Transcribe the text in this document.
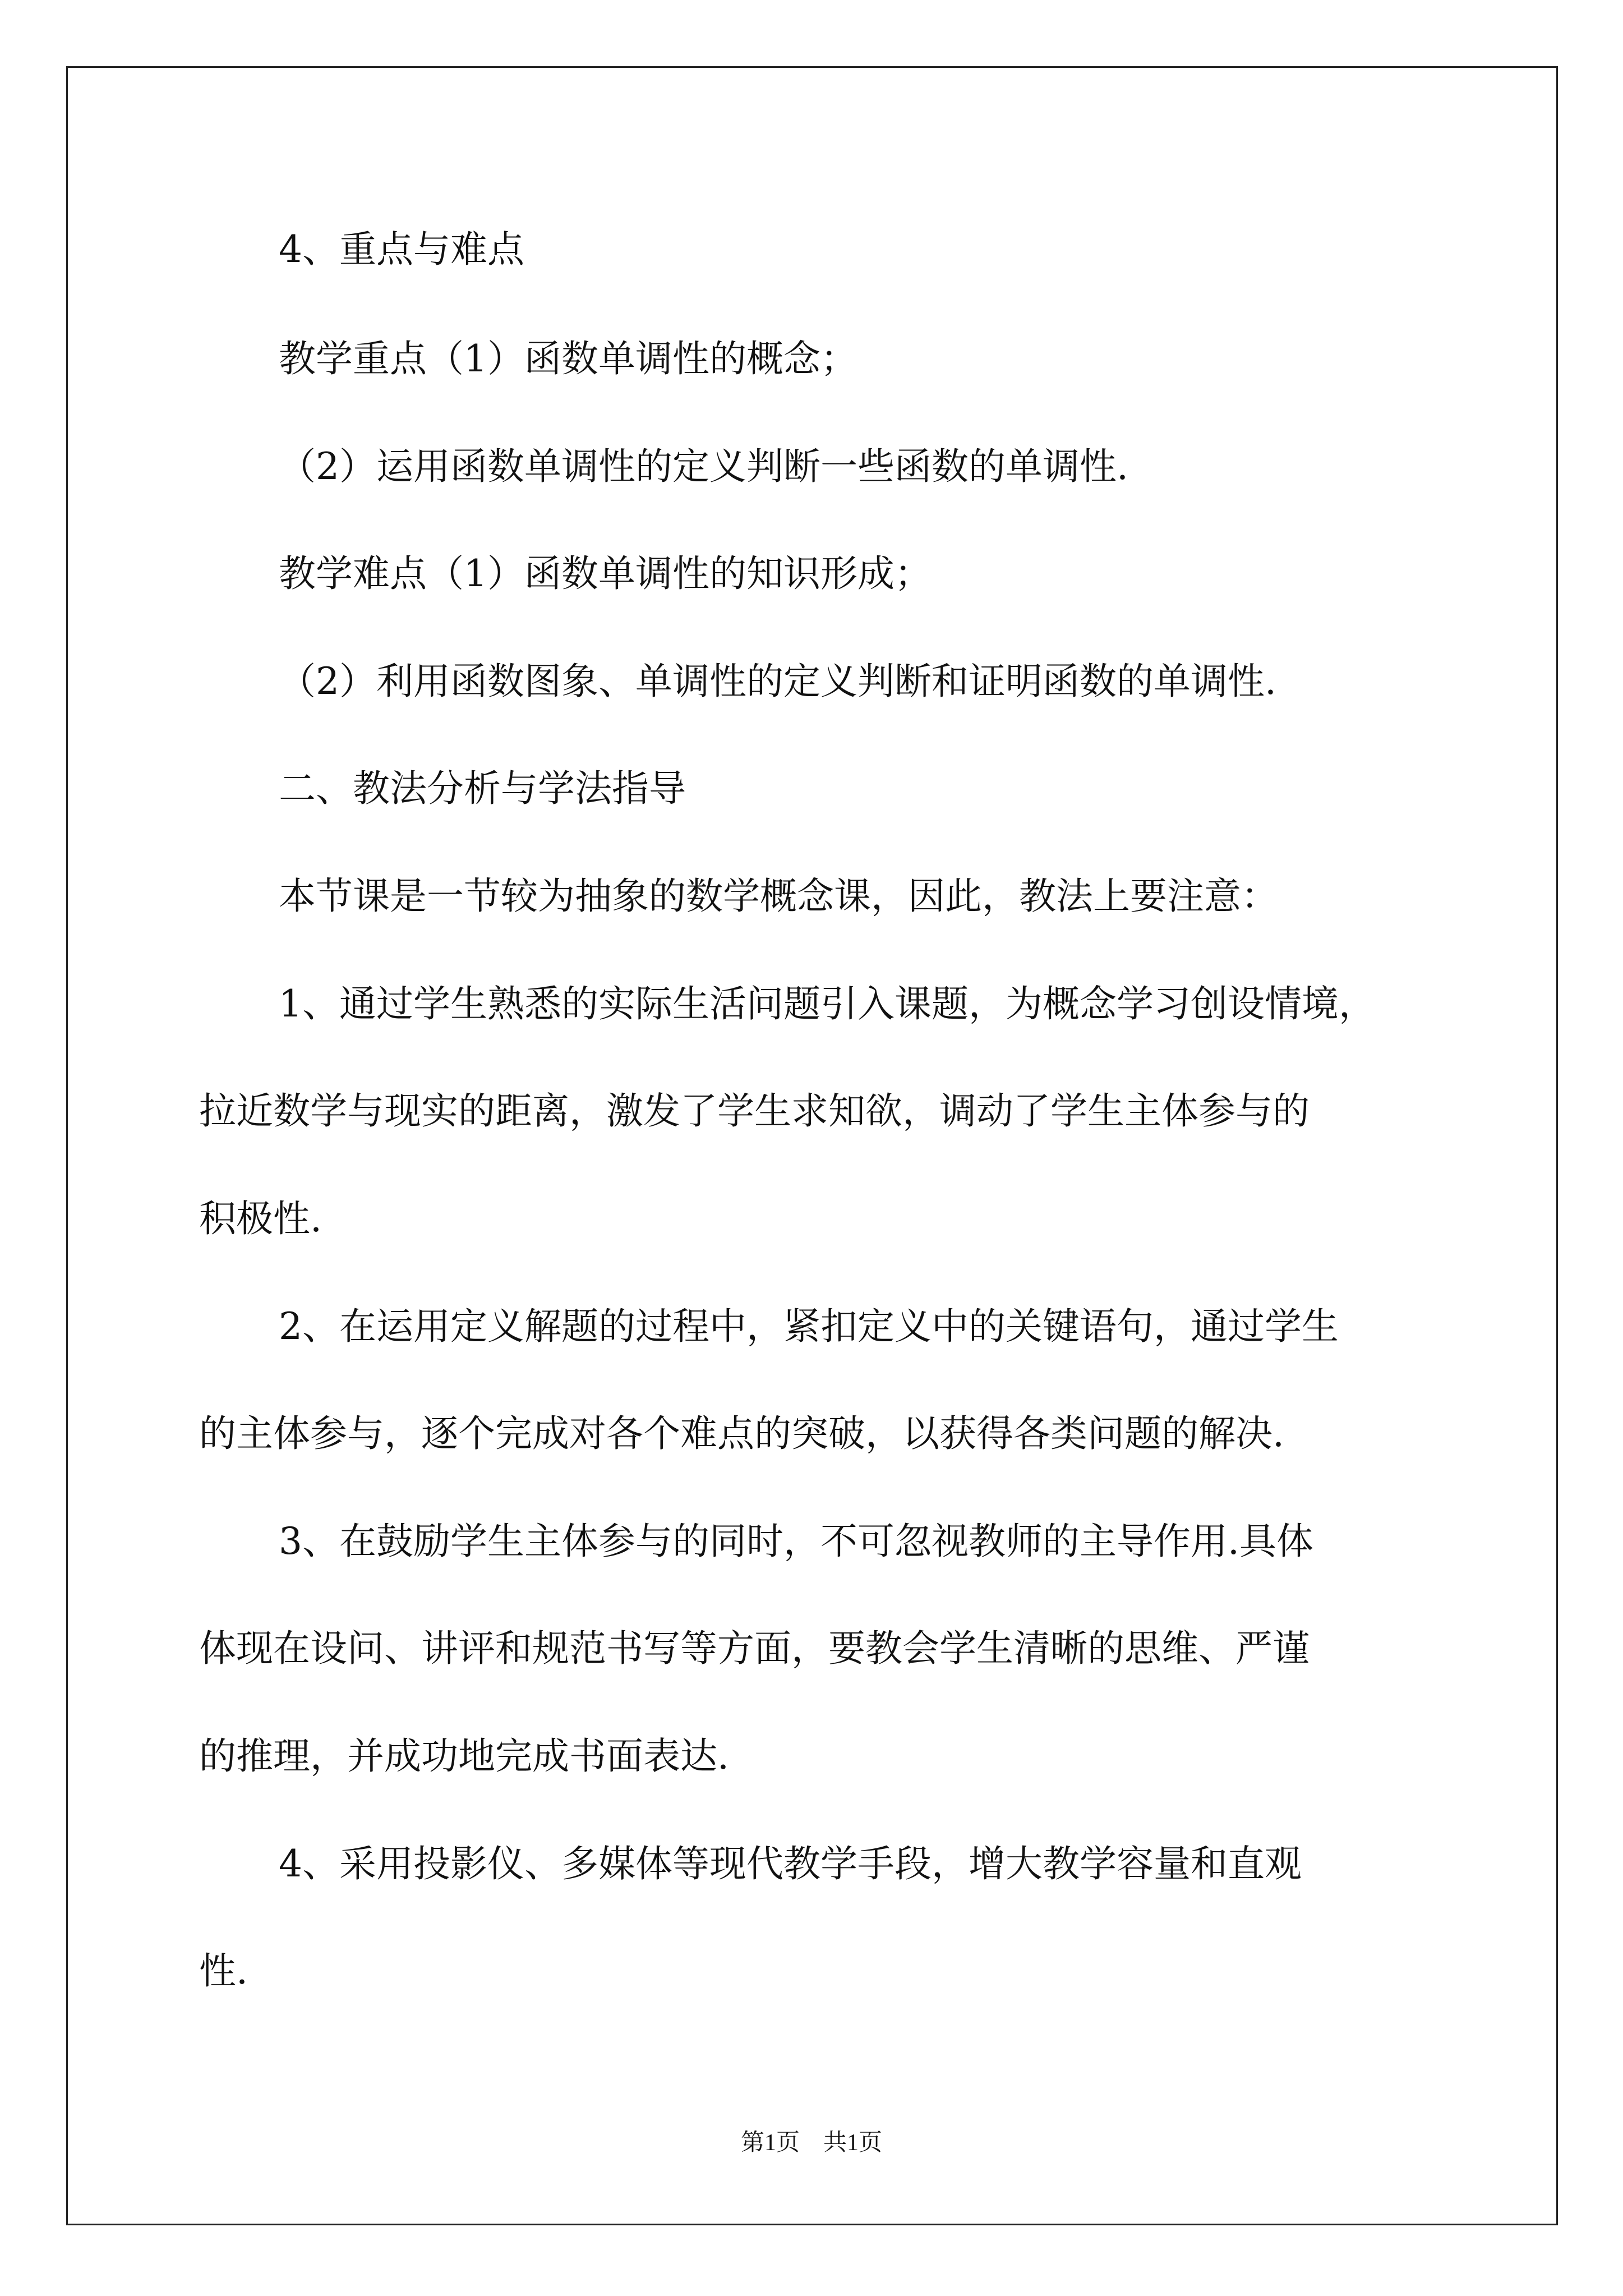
4、重点与难点
教学重点（1）函数单调性的概念；
（2）运用函数单调性的定义判断一些函数的单调性.
教学难点（1）函数单调性的知识形成；
（2）利用函数图象、单调性的定义判断和证明函数的单调性.
二、教法分析与学法指导
本节课是一节较为抽象的数学概念课，因此，教法上要注意：
1、通过学生熟悉的实际生活问题引入课题，为概念学习创设情境，
拉近数学与现实的距离，激发了学生求知欲，调动了学生主体参与的
积极性.
2、在运用定义解题的过程中，紧扣定义中的关键语句，通过学生
的主体参与，逐个完成对各个难点的突破，以获得各类问题的解决.
3、在鼓励学生主体参与的同时，不可忽视教师的主导作用.具体
体现在设问、讲评和规范书写等方面，要教会学生清晰的思维、严谨
的推理，并成功地完成书面表达.
4、采用投影仪、多媒体等现代教学手段，增大教学容量和直观
性.
第1页　共1页
